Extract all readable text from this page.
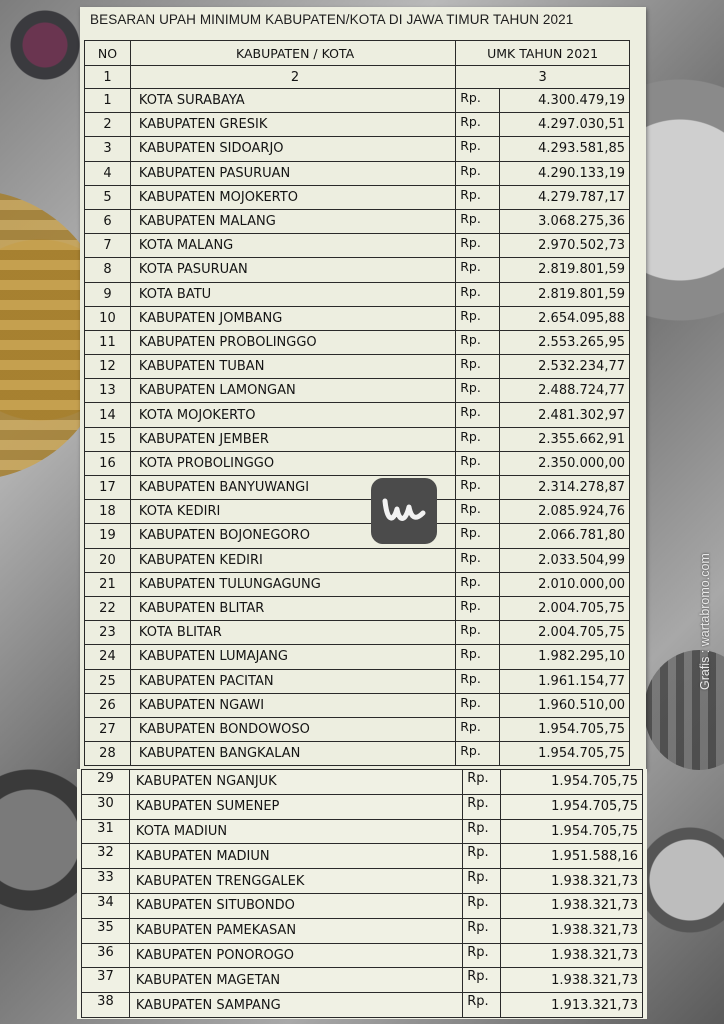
BESARAN UPAH MINIMUM KABUPATEN/KOTA DI JAWA TIMUR TAHUN 2021
NO	KABUPATEN / KOTA	UMK TAHUN 2021	
1	2	3	
1	KOTA SURABAYA	Rp.	4.300.479,19
2	KABUPATEN GRESIK	Rp.	4.297.030,51
3	KABUPATEN SIDOARJO	Rp.	4.293.581,85
4	KABUPATEN PASURUAN	Rp.	4.290.133,19
5	KABUPATEN MOJOKERTO	Rp.	4.279.787,17
6	KABUPATEN MALANG	Rp.	3.068.275,36
7	KOTA MALANG	Rp.	2.970.502,73
8	KOTA PASURUAN	Rp.	2.819.801,59
9	KOTA BATU	Rp.	2.819.801,59
10	KABUPATEN JOMBANG	Rp.	2.654.095,88
11	KABUPATEN PROBOLINGGO	Rp.	2.553.265,95
12	KABUPATEN TUBAN	Rp.	2.532.234,77
13	KABUPATEN LAMONGAN	Rp.	2.488.724,77
14	KOTA MOJOKERTO	Rp.	2.481.302,97
15	KABUPATEN JEMBER	Rp.	2.355.662,91
16	KOTA PROBOLINGGO	Rp.	2.350.000,00
17	KABUPATEN BANYUWANGI	Rp.	2.314.278,87
18	KOTA KEDIRI	Rp.	2.085.924,76
19	KABUPATEN BOJONEGORO	Rp.	2.066.781,80
20	KABUPATEN KEDIRI	Rp.	2.033.504,99
21	KABUPATEN TULUNGAGUNG	Rp.	2.010.000,00
22	KABUPATEN BLITAR	Rp.	2.004.705,75
23	KOTA BLITAR	Rp.	2.004.705,75
24	KABUPATEN LUMAJANG	Rp.	1.982.295,10
25	KABUPATEN PACITAN	Rp.	1.961.154,77
26	KABUPATEN NGAWI	Rp.	1.960.510,00
27	KABUPATEN BONDOWOSO	Rp.	1.954.705,75
28	KABUPATEN BANGKALAN	Rp.	1.954.705,75
29	KABUPATEN NGANJUK	Rp.	1.954.705,75
30	KABUPATEN SUMENEP	Rp.	1.954.705,75
31	KOTA MADIUN	Rp.	1.954.705,75
32	KABUPATEN MADIUN	Rp.	1.951.588,16
33	KABUPATEN TRENGGALEK	Rp.	1.938.321,73
34	KABUPATEN SITUBONDO	Rp.	1.938.321,73
35	KABUPATEN PAMEKASAN	Rp.	1.938.321,73
36	KABUPATEN PONOROGO	Rp.	1.938.321,73
37	KABUPATEN MAGETAN	Rp.	1.938.321,73
38	KABUPATEN SAMPANG	Rp.	1.913.321,73
Grafis : wartabromo.com
